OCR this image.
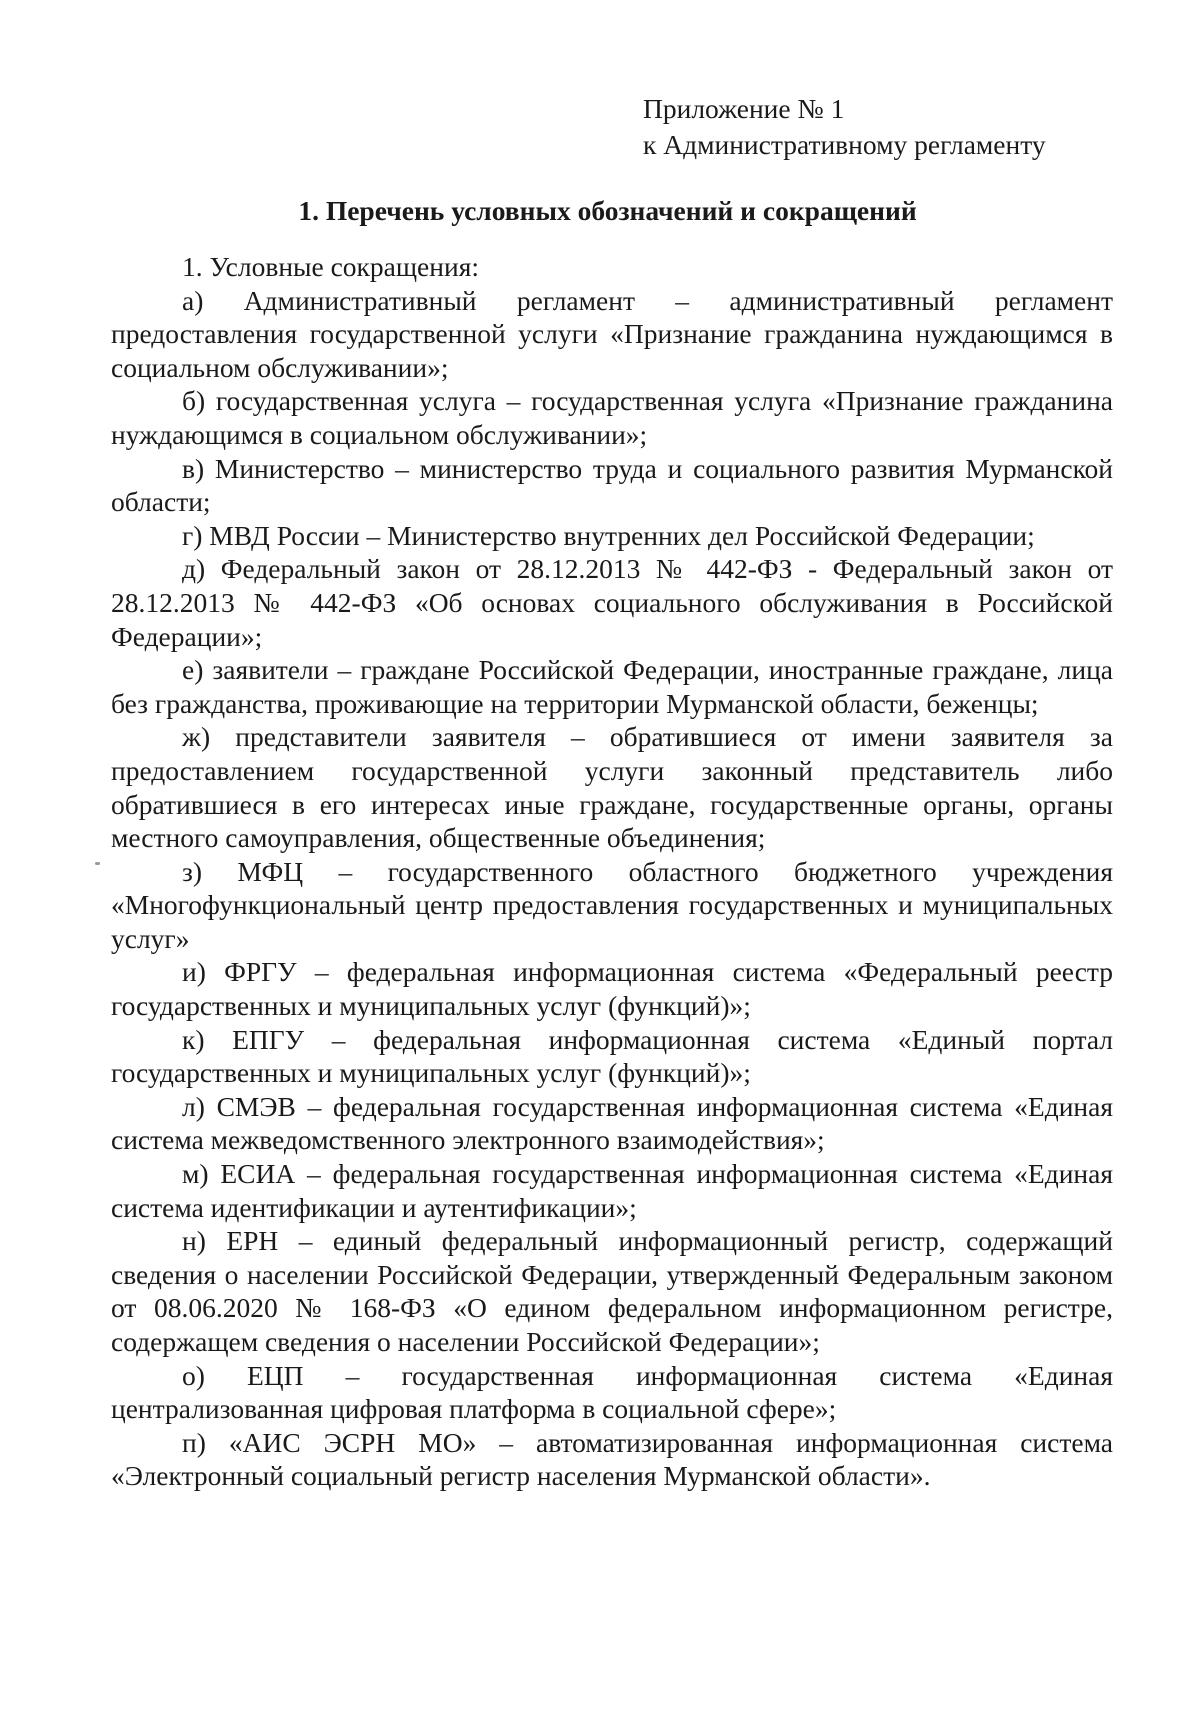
Приложение № 1
к Административному регламенту
1. Перечень условных обозначений и сокращений

1. Условные сокращения:

а) Административный регламент – административный регламент предоставления государственной услуги «Признание гражданина нуждающимся в социальном обслуживании»;

б) государственная услуга – государственная услуга «Признание гражданина нуждающимся в социальном обслуживании»;

в) Министерство – министерство труда и социального развития Мурманской области;

г) МВД России – Министерство внутренних дел Российской Федерации;

д) Федеральный закон от 28.12.2013 № 442-ФЗ - Федеральный закон от 28.12.2013 № 442-ФЗ «Об основах социального обслуживания в Российской Федерации»;

е) заявители – граждане Российской Федерации, иностранные граждане, лица без гражданства, проживающие на территории Мурманской области, беженцы;

ж) представители заявителя – обратившиеся от имени заявителя за предоставлением государственной услуги законный представитель либо обратившиеся в его интересах иные граждане, государственные органы, органы местного самоуправления, общественные объединения;

з) МФЦ – государственного областного бюджетного учреждения «Многофункциональный центр предоставления государственных и муниципальных услуг»

и) ФРГУ – федеральная информационная система «Федеральный реестр государственных и муниципальных услуг (функций)»;

к) ЕПГУ – федеральная информационная система «Единый портал государственных и муниципальных услуг (функций)»;

л) СМЭВ – федеральная государственная информационная система «Единая система межведомственного электронного взаимодействия»;

м) ЕСИА – федеральная государственная информационная система «Единая система идентификации и аутентификации»;

н) ЕРН – единый федеральный информационный регистр, содержащий сведения о населении Российской Федерации, утвержденный Федеральным законом от 08.06.2020 № 168-ФЗ «О едином федеральном информационном регистре, содержащем сведения о населении Российской Федерации»;

о) ЕЦП – государственная информационная система «Единая централизованная цифровая платформа в социальной сфере»;

п) «АИС ЭСРН МО» – автоматизированная информационная система «Электронный социальный регистр населения Мурманской области».
